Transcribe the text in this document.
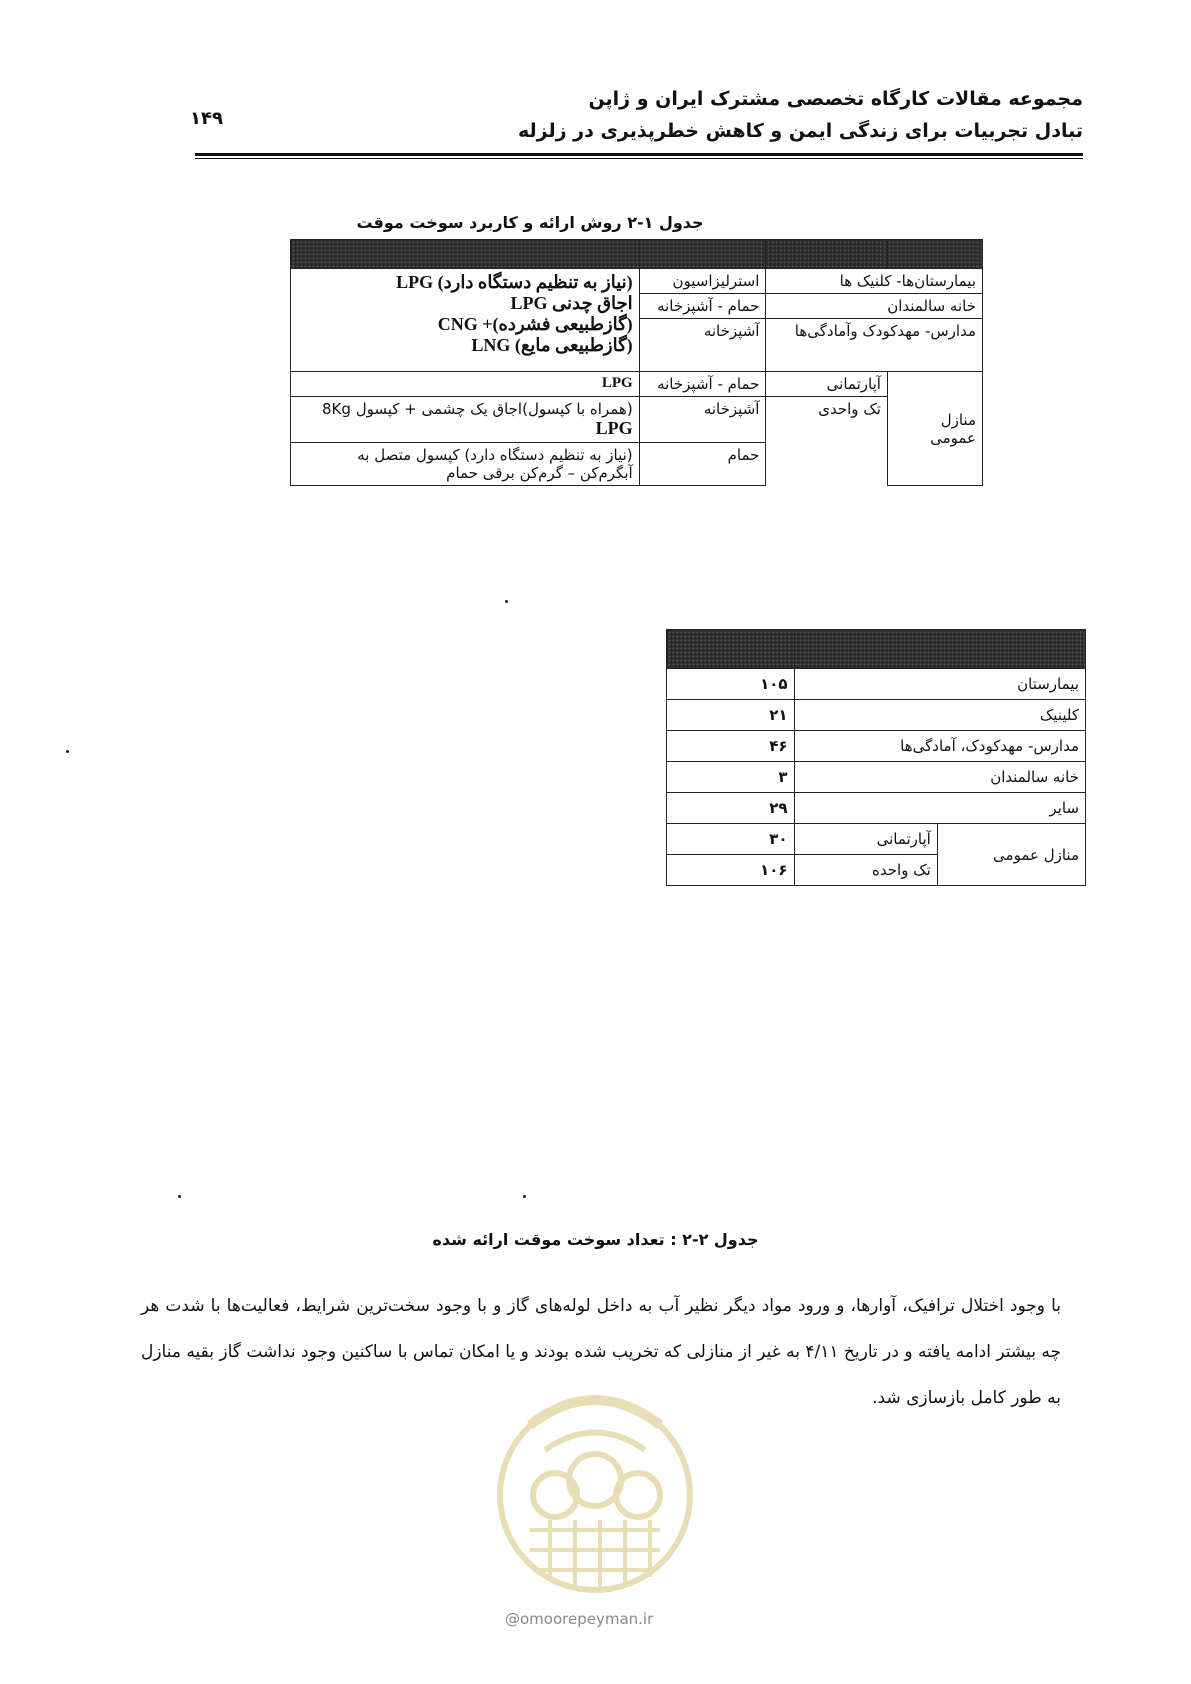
مجموعه مقالات کارگاه تخصصی مشترک ایران و ژاپن
تبادل تجربیات برای زندگی ایمن و کاهش خطرپذیری در زلزله
۱۴۹
جدول ۱-۲ روش ارائه و کاربرد سوخت موقت

بیمارستان‌ها- کلنیک ها		استرلیزاسیون	(نیاز به تنظیم دستگاه دارد) LPG
اجاق چدنی LPG
(گازطبیعی فشرده)+ CNG
(گازطبیعی مایع) LNG

خانه سالمندان		حمام - آشپزخانه	
مدارس- مهدکودک وآمادگی‌ها		آشپزخانه	
منازل عمومی	آپارتمانی	حمام - آشپزخانه	LPG
	تک واحدی	آشپزخانه	(همراه با کپسول)اجاق یک چشمی + کپسول 8Kg
LPG

		حمام	(نیاز به تنظیم دستگاه دارد) کپسول متصل به
آبگرم‌کن – گرم‌کن برقی حمام

بیمارستان		۱۰۵
کلینیک		۲۱
مدارس- مهدکودک، آمادگی‌ها		۴۶
خانه سالمندان		۳
سایر		۲۹
منازل عمومی	آپارتمانی	۳۰
	تک واحده	۱۰۶
جدول ۲-۲ : تعداد سوخت موقت ارائه شده
با وجود اختلال ترافیک، آوارها، و ورود مواد دیگر نظیر آب به داخل لوله‌های گاز و با وجود سخت‌ترین شرایط، فعالیت‌ها با شدت هر چه بیشتر ادامه یافته و در تاریخ ۴/۱۱ به غیر از منازلی که تخریب شده بودند و یا امکان تماس با ساکنین وجود نداشت گاز بقیه منازل به طور کامل بازسازی شد.
@omoorepeyman.ir
